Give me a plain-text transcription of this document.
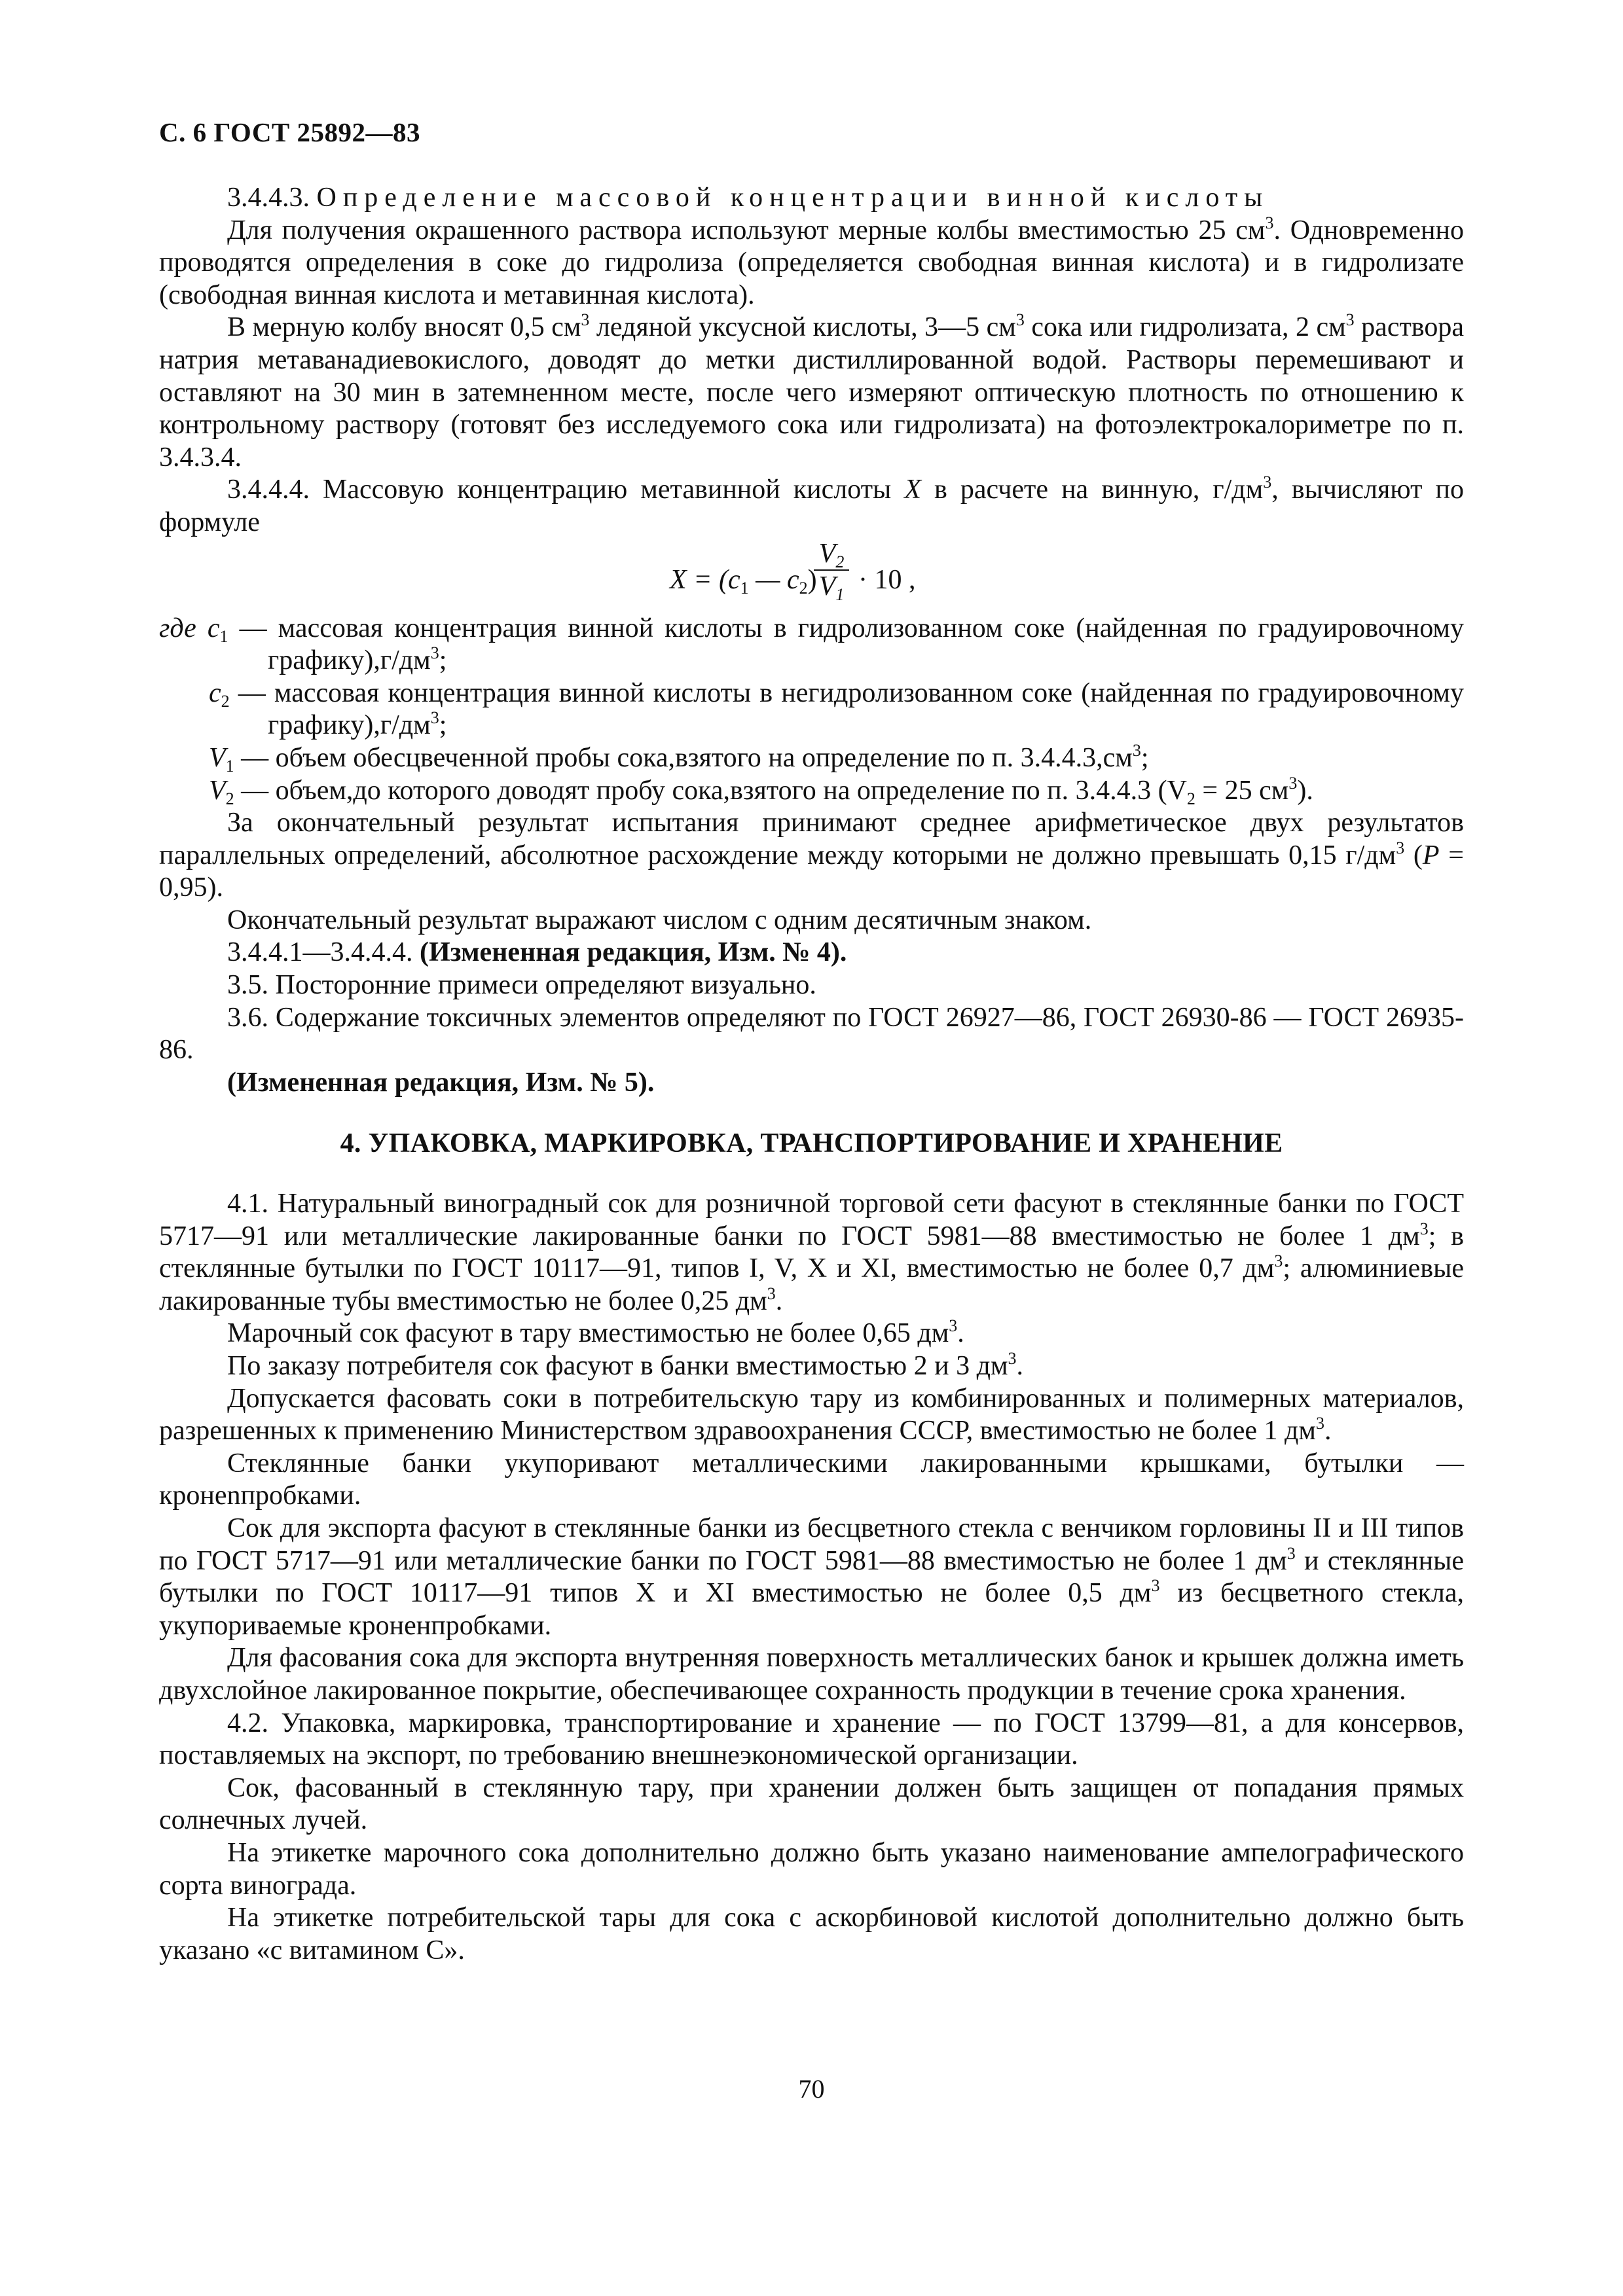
С. 6 ГОСТ 25892—83

3.4.4.3. Определение массовой концентрации винной кислоты

Для получения окрашенного раствора используют мерные колбы вместимостью 25 $см^3$. Одновременно проводятся определения в соке до гидролиза (определяется свободная винная кислота) и в гидролизате (свободная винная кислота и метавинная кислота).

В мерную колбу вносят 0,5 $см^3$ ледяной уксусной кислоты, 3—5 $см^3$ сока или гидролизата, 2 $см^3$ раствора натрия метаванадиевокислого, доводят до метки дистиллированной водой. Растворы перемешивают и оставляют на 30 мин в затемненном месте, после чего измеряют оптическую плотность по отношению к контрольному раствору (готовят без исследуемого сока или гидролизата) на фотоэлектрокалориметре по п. 3.4.3.4.

3.4.4.4. Массовую концентрацию метавинной кислоты X в расчете на винную, $г/дм^3$, вычисляют по формуле

$X = (c_1$ — $c_2$)
$V_2$
$V_1 \cdot 10$ ,

где $c_1$ — массовая концентрация винной кислоты в гидролизованном соке (найденная по градуировочному $графику),г/дм^3$;

$c_2$ — массовая концентрация винной кислоты в негидролизованном соке (найденная по градуировочному $графику),г/дм^3$;

$V_1$ — объем обесцвеченной пробы сока,взятого на определение по п. $3.4.4.3,см^3$;

$V_2$ — объем,до которого доводят пробу сока,взятого на определение по п. 3.4.4.3 ($V_2 = 25$ $см^3$).

За окончательный результат испытания принимают среднее арифметическое двух результатов параллельных определений, абсолютное расхождение между которыми не должно превышать 0,15 $г/дм^3$ (P = 0,95).

Окончательный результат выражают числом с одним десятичным знаком.

3.4.4.1—3.4.4.4. (Измененная редакция, Изм. № 4).

3.5. Посторонние примеси определяют визуально.

3.6. Содержание токсичных элементов определяют по ГОСТ 26927—86, ГОСТ 26930-86 — ГОСТ 26935-86.

(Измененная редакция, Изм. № 5).

4. УПАКОВКА, МАРКИРОВКА, ТРАНСПОРТИРОВАНИЕ И ХРАНЕНИЕ

4.1. Натуральный виноградный сок для розничной торговой сети фасуют в стеклянные банки по ГОСТ 5717—91 или металлические лакированные банки по ГОСТ 5981—88 вместимостью не более 1 $дм^3$; в стеклянные бутылки по ГОСТ 10117—91, типов I, V, X и XI, вместимостью не более 0,7 $дм^3$; алюминиевые лакированные тубы вместимостью не более 0,25 $дм^3$.

Марочный сок фасуют в тару вместимостью не более 0,65 $дм^3$.

По заказу потребителя сок фасуют в банки вместимостью 2 и 3 $дм^3$.

Допускается фасовать соки в потребительскую тару из комбинированных и полимерных материалов, разрешенных к применению Министерством здравоохранения СССР, вместимостью не более 1 $дм^3$.

Стеклянные банки укупоривают металлическими лакированными крышками, бутылки — кронenпробками.

Сок для экспорта фасуют в стеклянные банки из бесцветного стекла с венчиком горловины II и III типов по ГОСТ 5717—91 или металлические банки по ГОСТ 5981—88 вместимостью не более 1 $дм^3$ и стеклянные бутылки по ГОСТ 10117—91 типов X и XI вместимостью не более 0,5 $дм^3$ из бесцветного стекла, укупориваемые кроненпробками.

Для фасования сока для экспорта внутренняя поверхность металлических банок и крышек должна иметь двухслойное лакированное покрытие, обеспечивающее сохранность продукции в течение срока хранения.

4.2. Упаковка, маркировка, транспортирование и хранение — по ГОСТ 13799—81, а для консервов, поставляемых на экспорт, по требованию внешнеэкономической организации.

Сок, фасованный в стеклянную тару, при хранении должен быть защищен от попадания прямых солнечных лучей.

На этикетке марочного сока дополнительно должно быть указано наименование ампелографического сорта винограда.

На этикетке потребительской тары для сока с аскорбиновой кислотой дополнительно должно быть указано «с витамином С».

70
